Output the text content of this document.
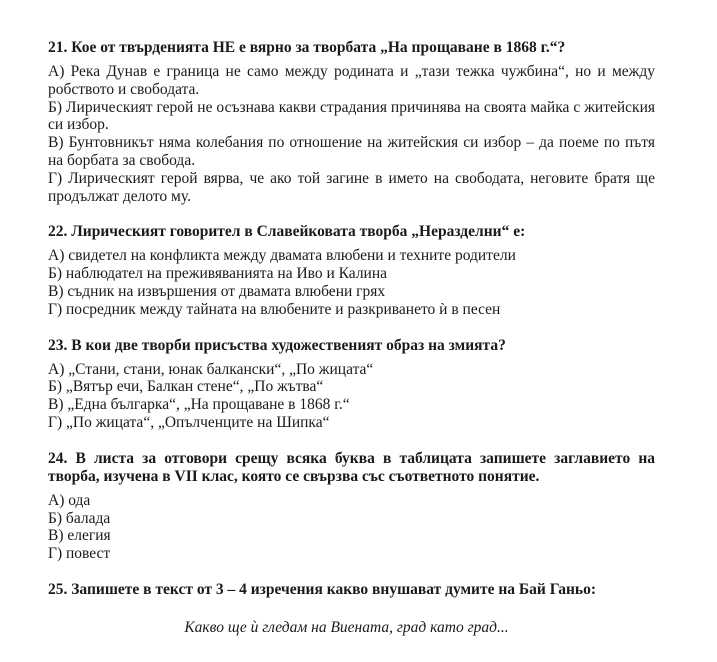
21. Кое от твърденията НЕ е вярно за творбата „На прощаване в 1868 г.“?
А) Река Дунав е граница не само между родината и „тази тежка чужбина“, но и между робството и свободата.
Б) Лирическият герой не осъзнава какви страдания причинява на своята майка с житейския си избор.
В) Бунтовникът няма колебания по отношение на житейския си избор – да поеме по пътя на борбата за свобода.
Г) Лирическият герой вярва, че ако той загине в името на свободата, неговите братя ще продължат делото му.
22. Лирическият говорител в Славейковата творба „Неразделни“ е:
А) свидетел на конфликта между двамата влюбени и техните родители
Б) наблюдател на преживяванията на Иво и Калина
В) съдник на извършения от двамата влюбени грях
Г) посредник между тайната на влюбените и разкриването ѝ в песен
23. В кои две творби присъства художественият образ на змията?
А) „Стани, стани, юнак балкански“, „По жицата“
Б) „Вятър ечи, Балкан стене“, „По жътва“
В) „Една българка“, „На прощаване в 1868 г.“
Г) „По жицата“, „Опълченците на Шипка“
24. В листа за отговори срещу всяка буква в таблицата запишете заглавието на творба, изучена в VII клас, която се свързва със съответното понятие.
А) ода
Б) балада
В) елегия
Г) повест
25. Запишете в текст от 3 – 4 изречения какво внушават думите на Бай Ганьо:
Какво ще ѝ гледам на Виената, град като град...
